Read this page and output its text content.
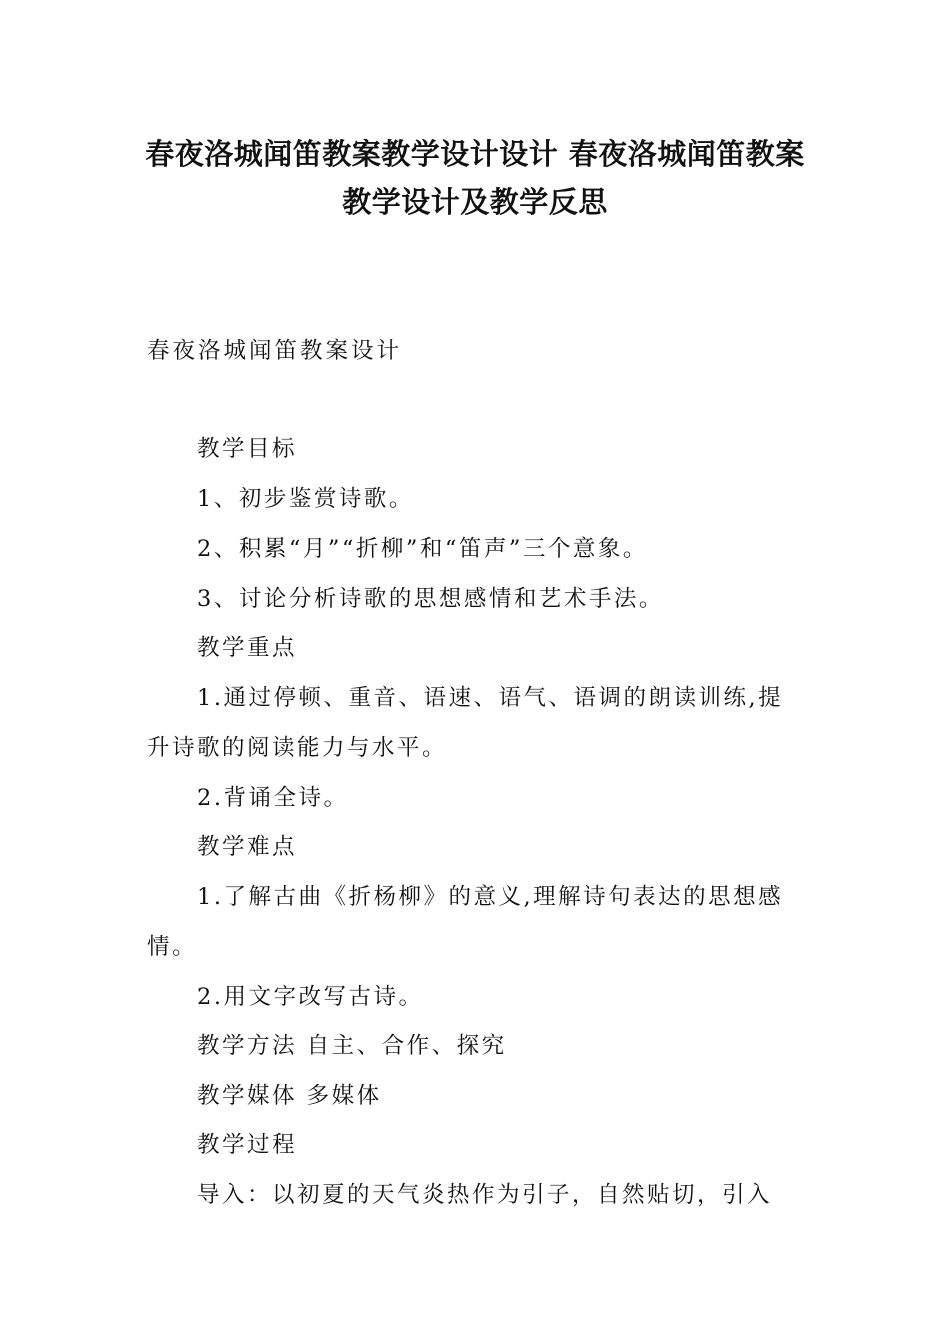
春夜洛城闻笛教案教学设计设计 春夜洛城闻笛教案
教学设计及教学反思
春夜洛城闻笛教案设计
教学目标
1、初步鉴赏诗歌。
2、积累“月”“折柳”和“笛声”三个意象。
3、讨论分析诗歌的思想感情和艺术手法。
教学重点
1.通过停顿、重音、语速、语气、语调的朗读训练,提
升诗歌的阅读能力与水平。
2.背诵全诗。
教学难点
1.了解古曲《折杨柳》的意义,理解诗句表达的思想感
情。
2.用文字改写古诗。
教学方法 自主、合作、探究
教学媒体 多媒体
教学过程
导入：以初夏的天气炎热作为引子，自然贴切，引入
